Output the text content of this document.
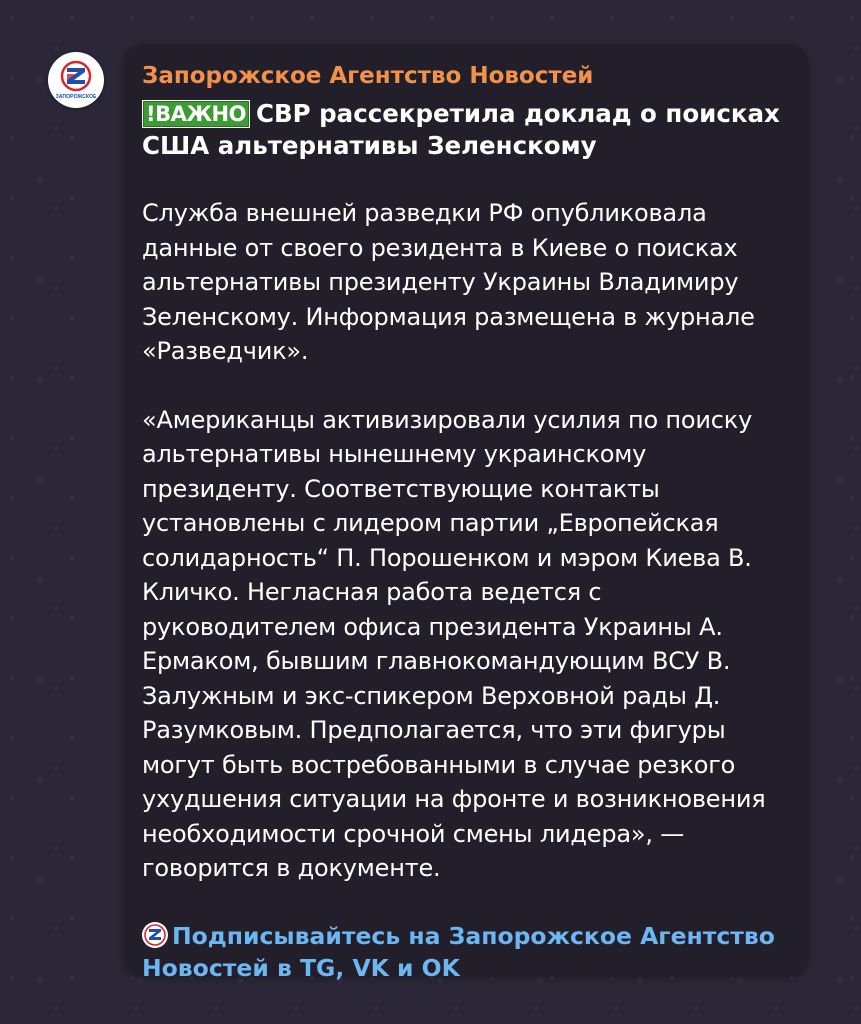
ЗАПОРОЖСКОЕ
Запорожское Агентство Новостей
!ВАЖНО СВР рассекретила доклад о поисках США альтернативы Зеленскому
Служба внешней разведки РФ опубликовала данные от своего резидента в Киеве о поисках альтернативы президенту Украины Владимиру Зеленскому. Информация размещена в журнале «Разведчик».
«Американцы активизировали усилия по поиску альтернативы нынешнему украинскому президенту. Соответствующие контакты установлены с лидером партии „Европейская солидарность“ П. Порошенком и мэром Киева В. Кличко. Негласная работа ведется с руководителем офиса президента Украины А. Ермаком, бывшим главнокомандующим ВСУ В. Залужным и экс-спикером Верховной рады Д. Разумковым. Предполагается, что эти фигуры могут быть востребованными в случае резкого ухудшения ситуации на фронте и возникновения необходимости срочной смены лидера», — говорится в документе.
Подписывайтесь на Запорожское Агентство Новостей в TG, VK и OK
